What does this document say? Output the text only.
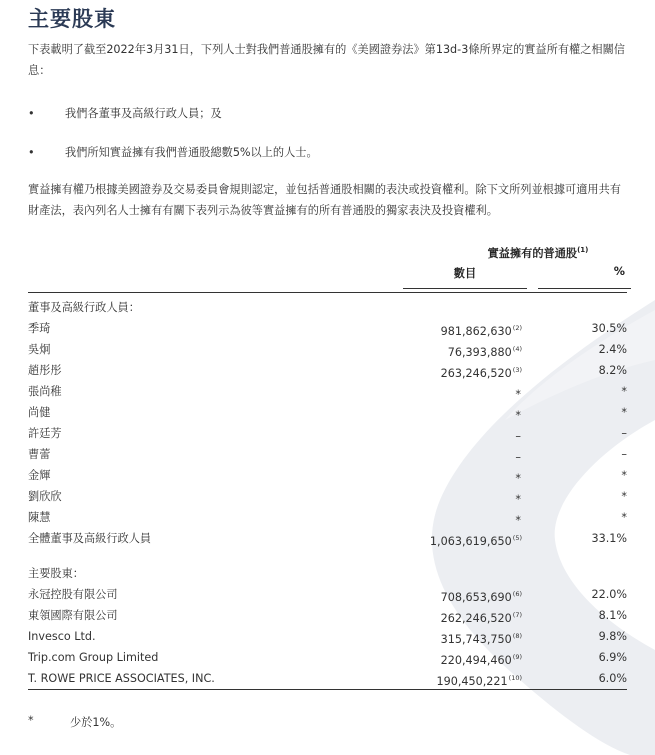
主要股東

下表載明了截至2022年3月31日，下列人士對我們普通股擁有的《美國證券法》第13d-3條所界定的實益所有權之相關信息：

•	我們各董事及高級行政人員；及
•	我們所知實益擁有我們普通股總數5%以上的人士。

實益擁有權乃根據美國證券及交易委員會規則認定，並包括普通股相關的表決或投資權利。除下文所列並根據可適用共有財產法，表內列名人士擁有有關下表列示為彼等實益擁有的所有普通股的獨家表決及投資權利。

實益擁有的普通股$^{(1)}$
數目	%
董事及高級行政人員：
季琦	981,862,630$^{(2)}$	30.5%
吳炯	76,393,880$^{(4)}$	2.4%
趙彤彤	263,246,520$^{(3)}$	8.2%
張尚稚	*	*
尚健	*	*
許廷芳	–	–
曹蕾	–	–
金輝	*	*
劉欣欣	*	*
陳慧	*	*
全體董事及高級行政人員	1,063,619,650$^{(5)}$	33.1%
主要股東：
永冠控股有限公司	708,653,690$^{(6)}$	22.0%
東領國際有限公司	262,246,520$^{(7)}$	8.1%
Invesco Ltd.	315,743,750$^{(8)}$	9.8%
Trip.com Group Limited	220,494,460$^{(9)}$	6.9%
T. ROWE PRICE ASSOCIATES, INC.	190,450,221$^{(10)}$	6.0%
*	少於1%。
